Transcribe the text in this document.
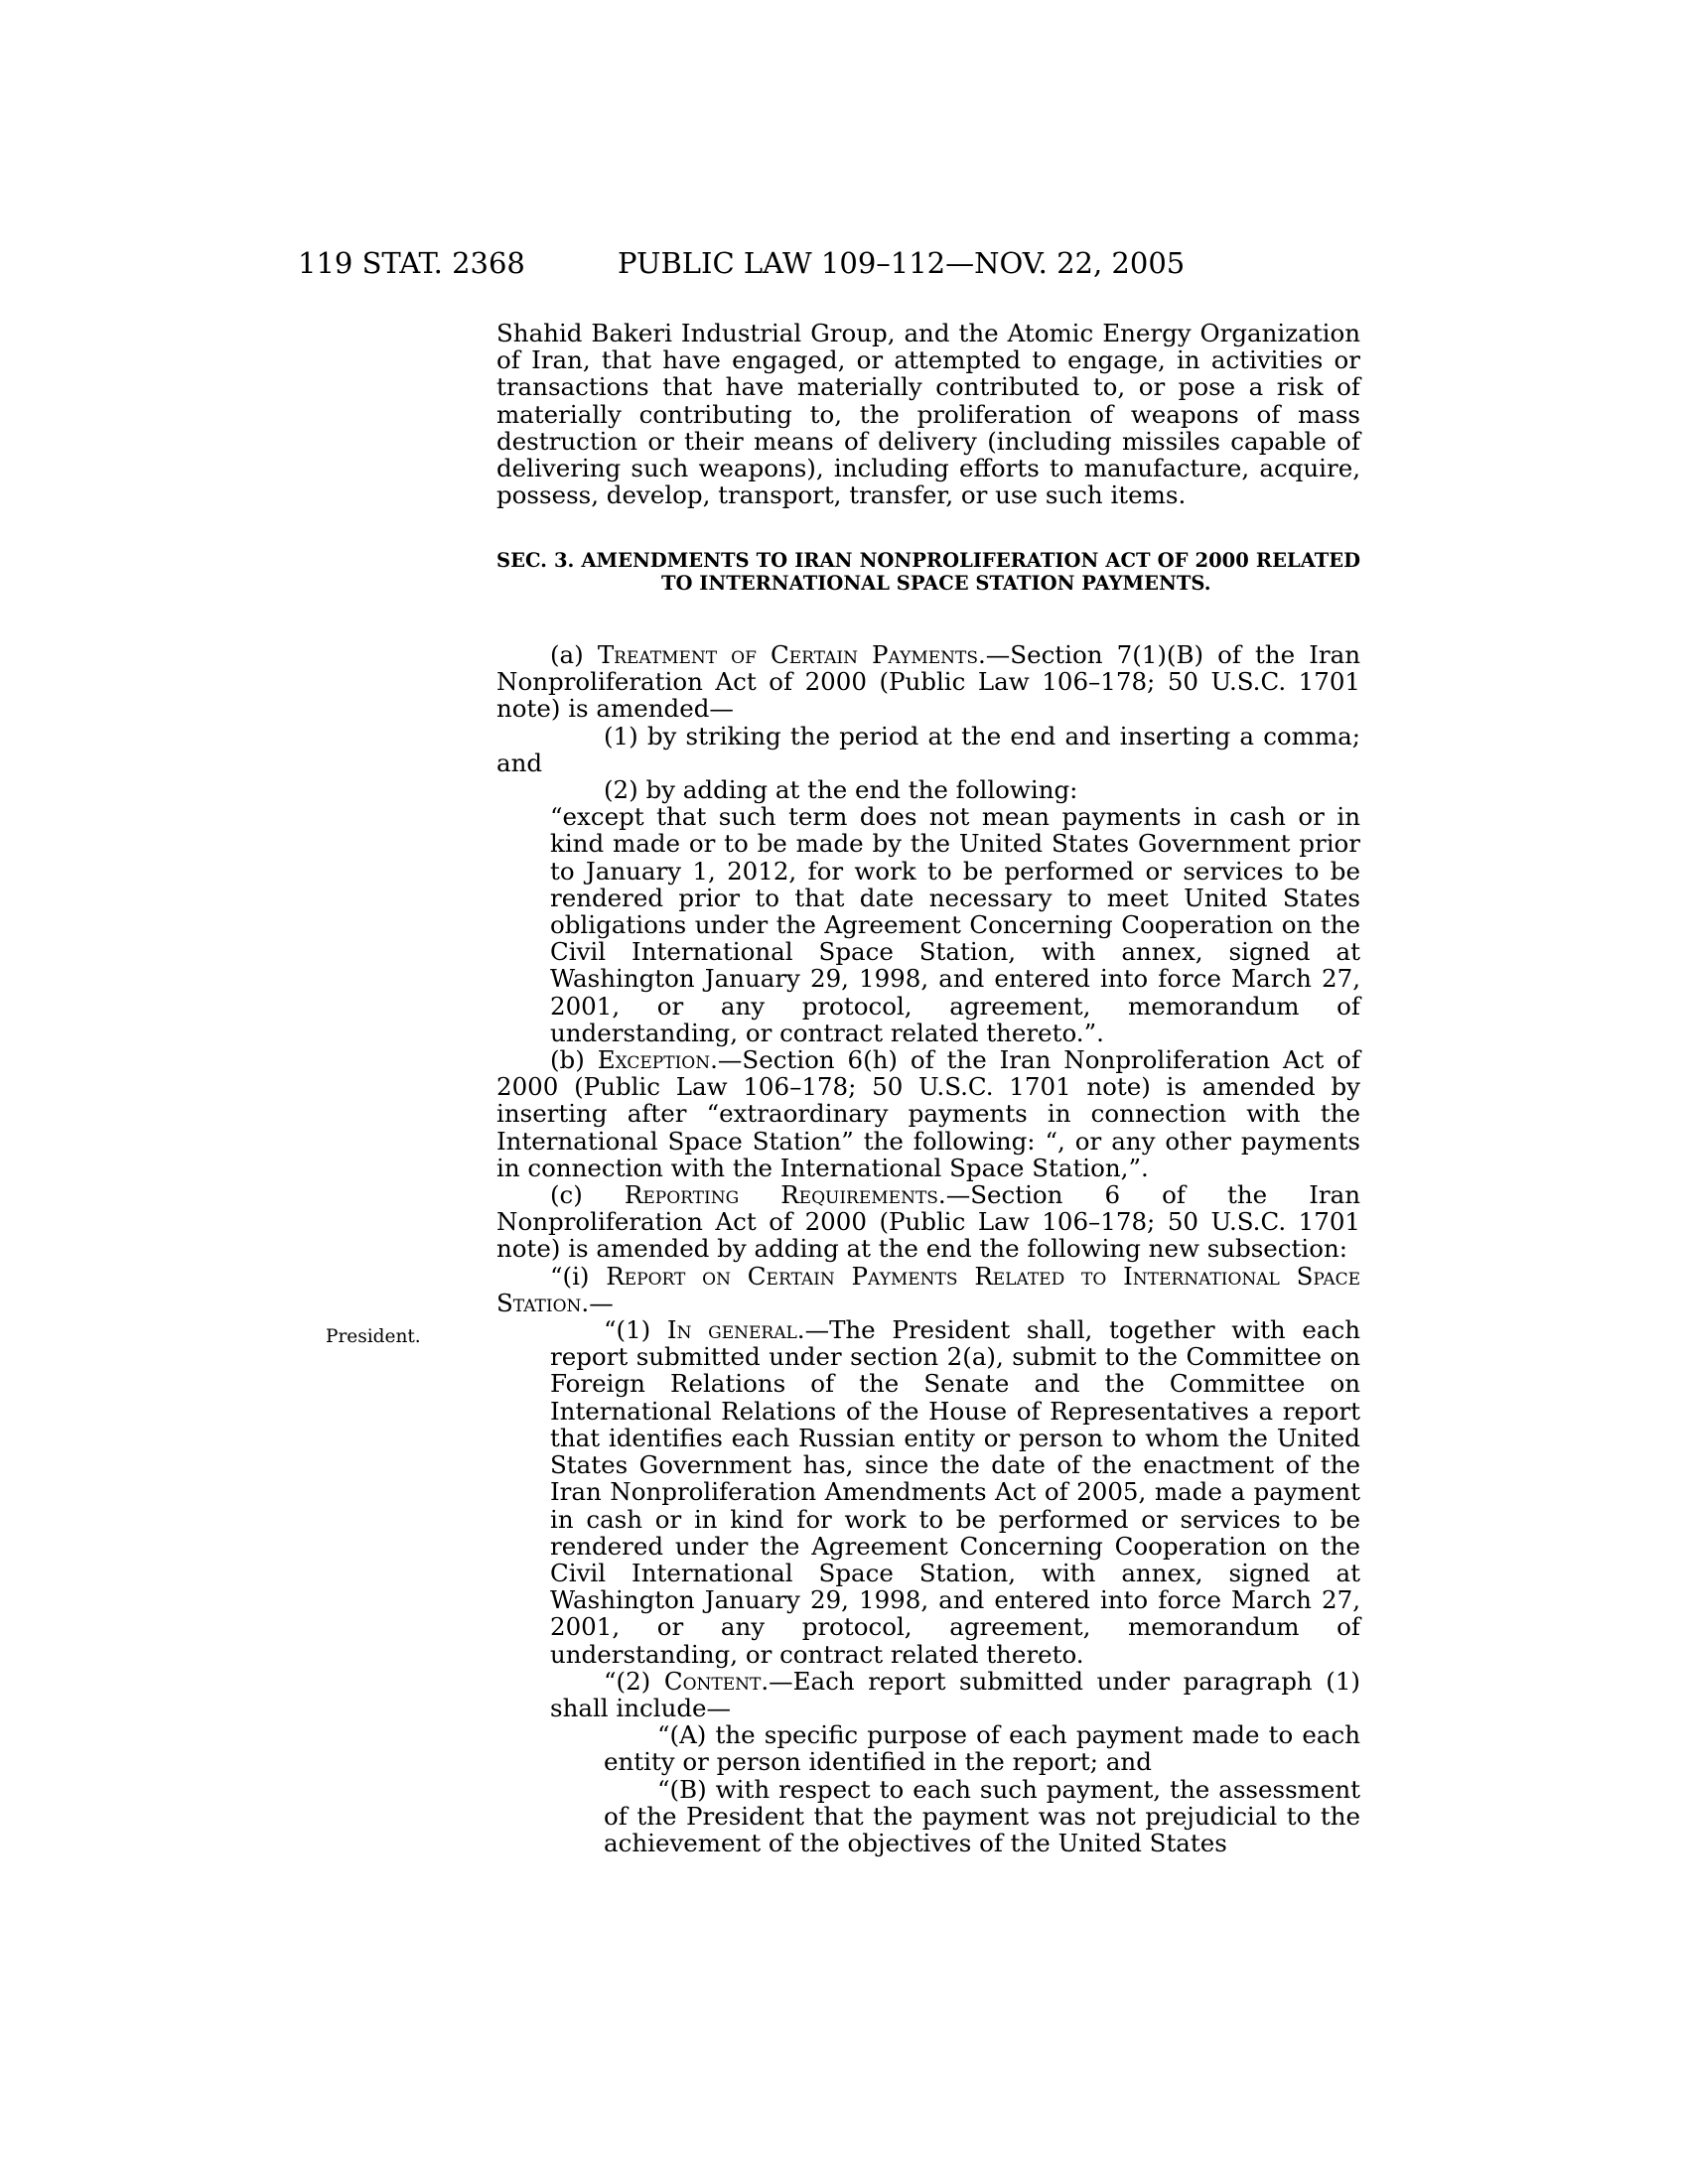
119 STAT. 2368	PUBLIC LAW 109–112—NOV. 22, 2005
President.

Shahid Bakeri Industrial Group, and the Atomic Energy Organization of Iran, that have engaged, or attempted to engage, in activities or transactions that have materially contributed to, or pose a risk of materially contributing to, the proliferation of weapons of mass destruction or their means of delivery (including missiles capable of delivering such weapons), including efforts to manufacture, acquire, possess, develop, transport, transfer, or use such items.

SEC. 3. AMENDMENTS TO IRAN NONPROLIFERATION ACT OF 2000 RELATED TO INTERNATIONAL SPACE STATION PAYMENTS.

(a) Treatment of Certain Payments.—Section 7(1)(B) of the Iran Nonproliferation Act of 2000 (Public Law 106–178; 50 U.S.C. 1701 note) is amended—

(1) by striking the period at the end and inserting a comma; and

(2) by adding at the end the following:

“except that such term does not mean payments in cash or in kind made or to be made by the United States Government prior to January 1, 2012, for work to be performed or services to be rendered prior to that date necessary to meet United States obligations under the Agreement Concerning Cooperation on the Civil International Space Station, with annex, signed at Washington January 29, 1998, and entered into force March 27, 2001, or any protocol, agreement, memorandum of understanding, or contract related thereto.”.

(b) Exception.—Section 6(h) of the Iran Nonproliferation Act of 2000 (Public Law 106–178; 50 U.S.C. 1701 note) is amended by inserting after “extraordinary payments in connection with the International Space Station” the following: “, or any other payments in connection with the International Space Station,”.

(c) Reporting Requirements.—Section 6 of the Iran Nonproliferation Act of 2000 (Public Law 106–178; 50 U.S.C. 1701 note) is amended by adding at the end the following new subsection:

“(i) Report on Certain Payments Related to International Space Station.—

“(1) In general.—The President shall, together with each report submitted under section 2(a), submit to the Committee on Foreign Relations of the Senate and the Committee on International Relations of the House of Representatives a report that identifies each Russian entity or person to whom the United States Government has, since the date of the enactment of the Iran Nonproliferation Amendments Act of 2005, made a payment in cash or in kind for work to be performed or services to be rendered under the Agreement Concerning Cooperation on the Civil International Space Station, with annex, signed at Washington January 29, 1998, and entered into force March 27, 2001, or any protocol, agreement, memorandum of understanding, or contract related thereto.

“(2) Content.—Each report submitted under paragraph (1) shall include—

“(A) the specific purpose of each payment made to each entity or person identified in the report; and

“(B) with respect to each such payment, the assessment of the President that the payment was not prejudicial to the achievement of the objectives of the United States
